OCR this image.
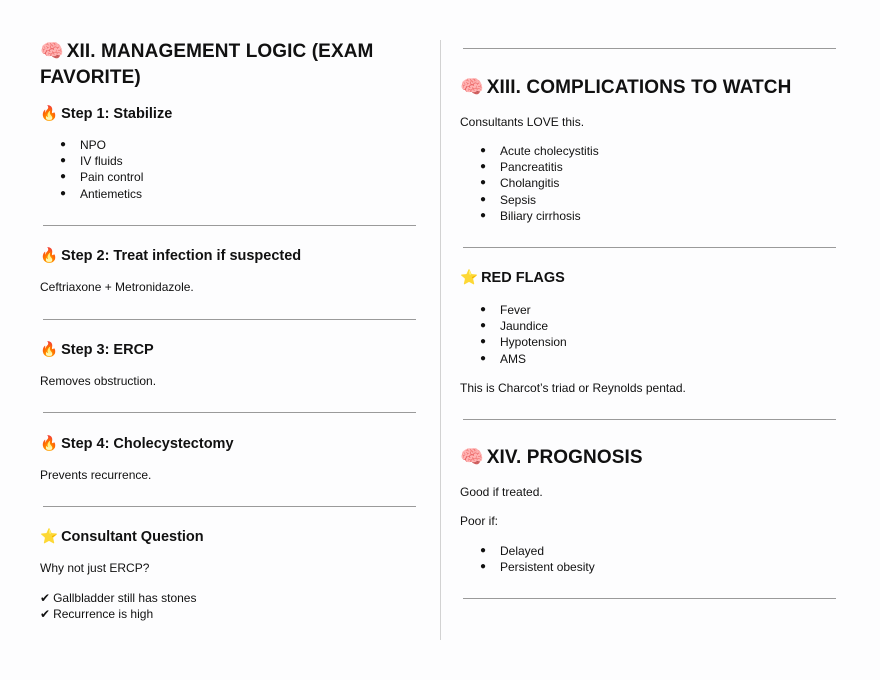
🧠 XII. MANAGEMENT LOGIC (EXAM FAVORITE)

🔥 Step 1: Stabilize

● NPO
● IV fluids
● Pain control
● Antiemetics

🔥 Step 2: Treat infection if suspected

Ceftriaxone + Metronidazole.

🔥 Step 3: ERCP

Removes obstruction.

🔥 Step 4: Cholecystectomy

Prevents recurrence.

⭐ Consultant Question

Why not just ERCP?

✔ Gallbladder still has stones

✔ Recurrence is high

🧠 XIII. COMPLICATIONS TO WATCH

Consultants LOVE this.

● Acute cholecystitis
● Pancreatitis
● Cholangitis
● Sepsis
● Biliary cirrhosis

⭐ RED FLAGS

● Fever
● Jaundice
● Hypotension
● AMS

This is Charcot’s triad or Reynolds pentad.

🧠 XIV. PROGNOSIS

Good if treated.

Poor if:

● Delayed
● Persistent obesity
